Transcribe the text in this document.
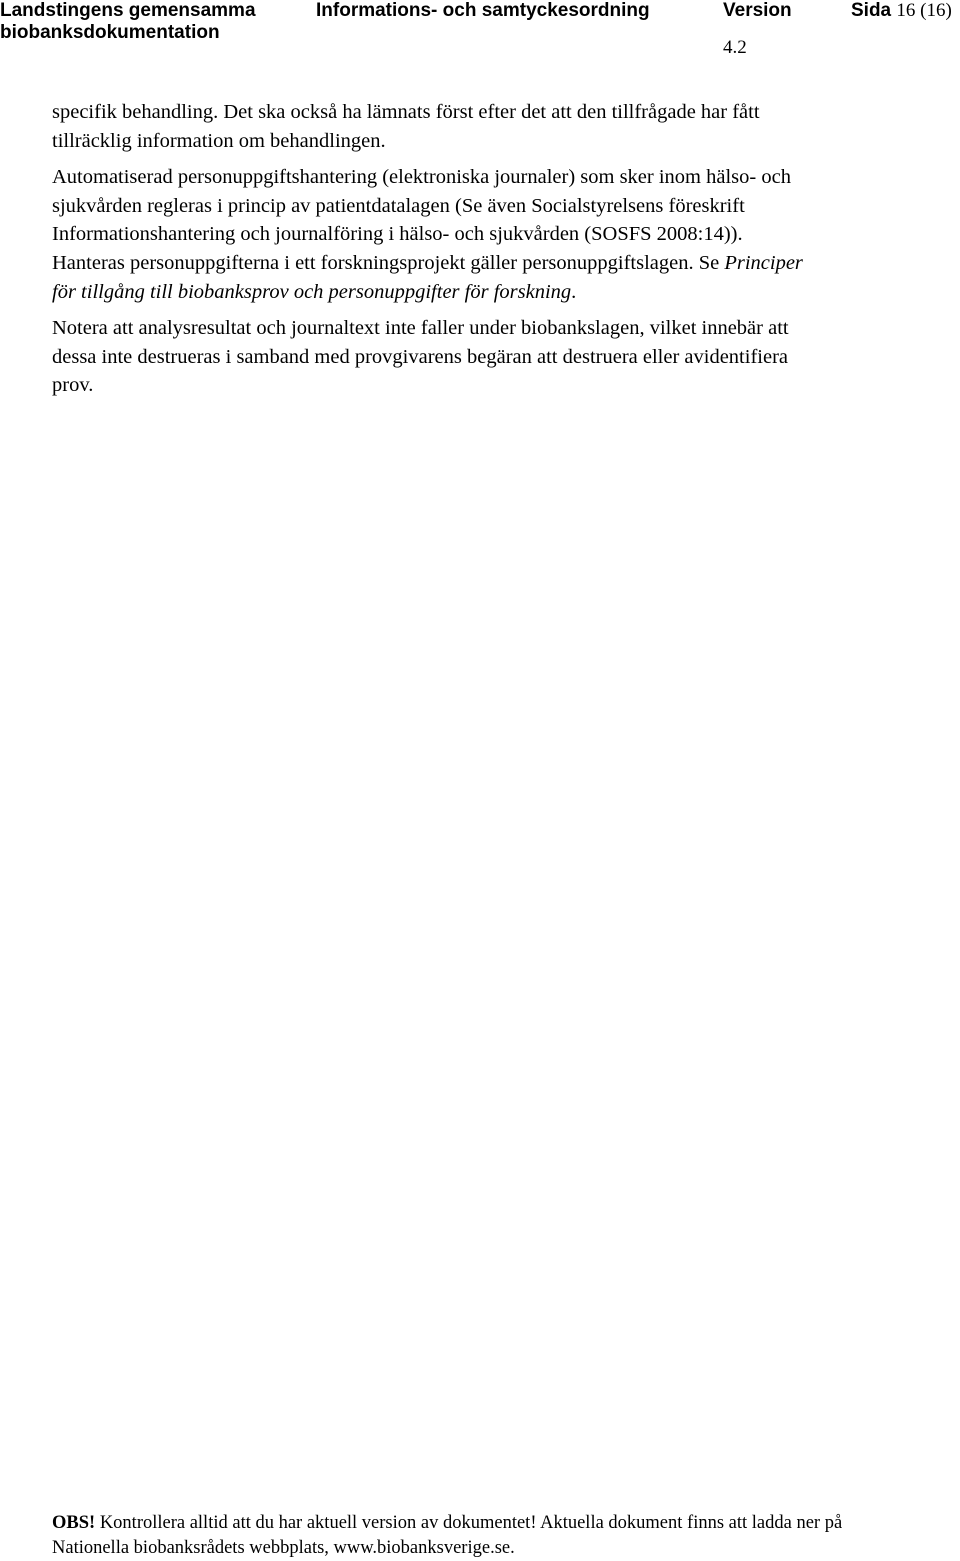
Landstingens gemensamma
biobanksdokumentation
Informations- och samtyckesordning	Version
4.2
Sida 16 (16)

specifik behandling. Det ska också ha lämnats först efter det att den tillfrågade har fått
tillräcklig information om behandlingen.

Automatiserad personuppgiftshantering (elektroniska journaler) som sker inom hälso- och
sjukvården regleras i princip av patientdatalagen (Se även Socialstyrelsens föreskrift
Informationshantering och journalföring i hälso- och sjukvården (SOSFS 2008:14)).
Hanteras personuppgifterna i ett forskningsprojekt gäller personuppgiftslagen. Se Principer
för tillgång till biobanksprov och personuppgifter för forskning.

Notera att analysresultat och journaltext inte faller under biobankslagen, vilket innebär att
dessa inte destrueras i samband med provgivarens begäran att destruera eller avidentifiera
prov.

OBS! Kontrollera alltid att du har aktuell version av dokumentet! Aktuella dokument finns att ladda ner på
Nationella biobanksrådets webbplats, www.biobanksverige.se.
